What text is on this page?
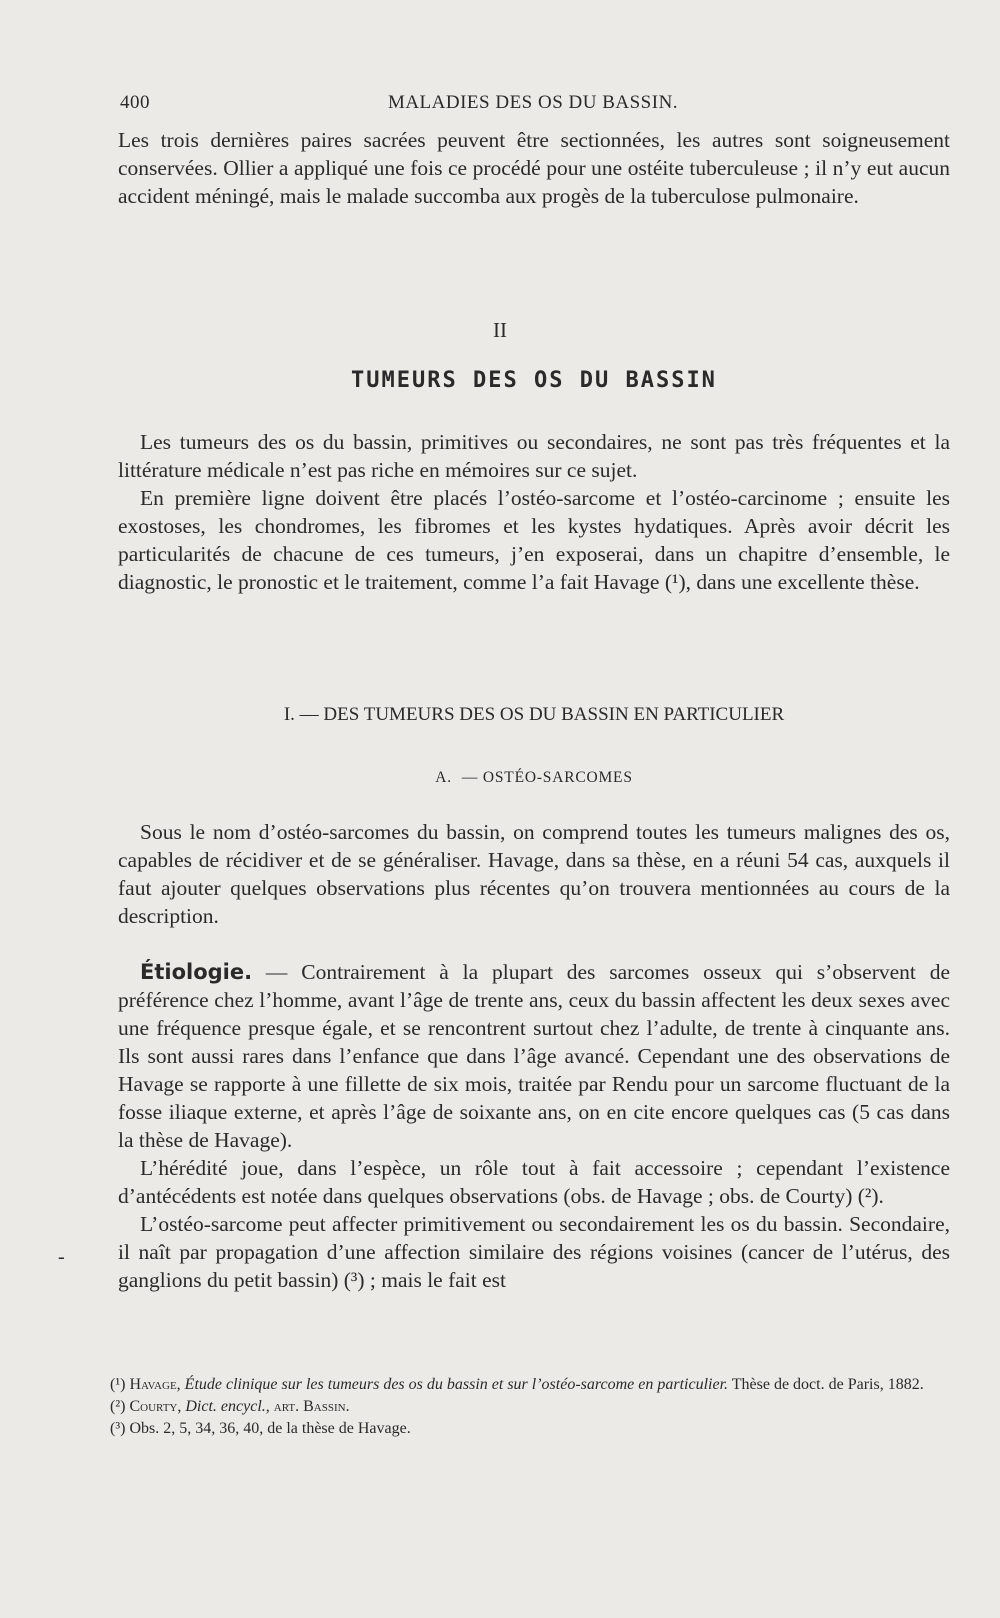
400	MALADIES DES OS DU BASSIN.

Les trois dernières paires sacrées peuvent être sectionnées, les autres sont soigneusement conservées. Ollier a appliqué une fois ce procédé pour une ostéite tuberculeuse ; il n’y eut aucun accident méningé, mais le malade succomba aux progès de la tuberculose pulmonaire.

II
TUMEURS DES OS DU BASSIN

Les tumeurs des os du bassin, primitives ou secondaires, ne sont pas très fréquentes et la littérature médicale n’est pas riche en mémoires sur ce sujet.

En première ligne doivent être placés l’ostéo-sarcome et l’ostéo-carcinome ; ensuite les exostoses, les chondromes, les fibromes et les kystes hydatiques. Après avoir décrit les particularités de chacune de ces tumeurs, j’en exposerai, dans un chapitre d’ensemble, le diagnostic, le pronostic et le traitement, comme l’a fait Havage (¹), dans une excellente thèse.

I. — DES TUMEURS DES OS DU BASSIN EN PARTICULIER
A. — OSTÉO-SARCOMES

Sous le nom d’ostéo-sarcomes du bassin, on comprend toutes les tumeurs malignes des os, capables de récidiver et de se généraliser. Havage, dans sa thèse, en a réuni 54 cas, auxquels il faut ajouter quelques observations plus récentes qu’on trouvera mentionnées au cours de la description.

Étiologie. — Contrairement à la plupart des sarcomes osseux qui s’observent de préférence chez l’homme, avant l’âge de trente ans, ceux du bassin affectent les deux sexes avec une fréquence presque égale, et se rencontrent surtout chez l’adulte, de trente à cinquante ans. Ils sont aussi rares dans l’enfance que dans l’âge avancé. Cependant une des observations de Havage se rapporte à une fillette de six mois, traitée par Rendu pour un sarcome fluctuant de la fosse iliaque externe, et après l’âge de soixante ans, on en cite encore quelques cas (5 cas dans la thèse de Havage).

L’hérédité joue, dans l’espèce, un rôle tout à fait accessoire ; cependant l’existence d’antécédents est notée dans quelques observations (obs. de Havage ; obs. de Courty) (²).

L’ostéo-sarcome peut affecter primitivement ou secondairement les os du bassin. Secondaire, il naît par propagation d’une affection similaire des régions voisines (cancer de l’utérus, des ganglions du petit bassin) (³) ; mais le fait est

-

(¹) Havage, Étude clinique sur les tumeurs des os du bassin et sur l’ostéo-sarcome en particulier. Thèse de doct. de Paris, 1882.

(²) Courty, Dict. encycl., art. Bassin.

(³) Obs. 2, 5, 34, 36, 40, de la thèse de Havage.
